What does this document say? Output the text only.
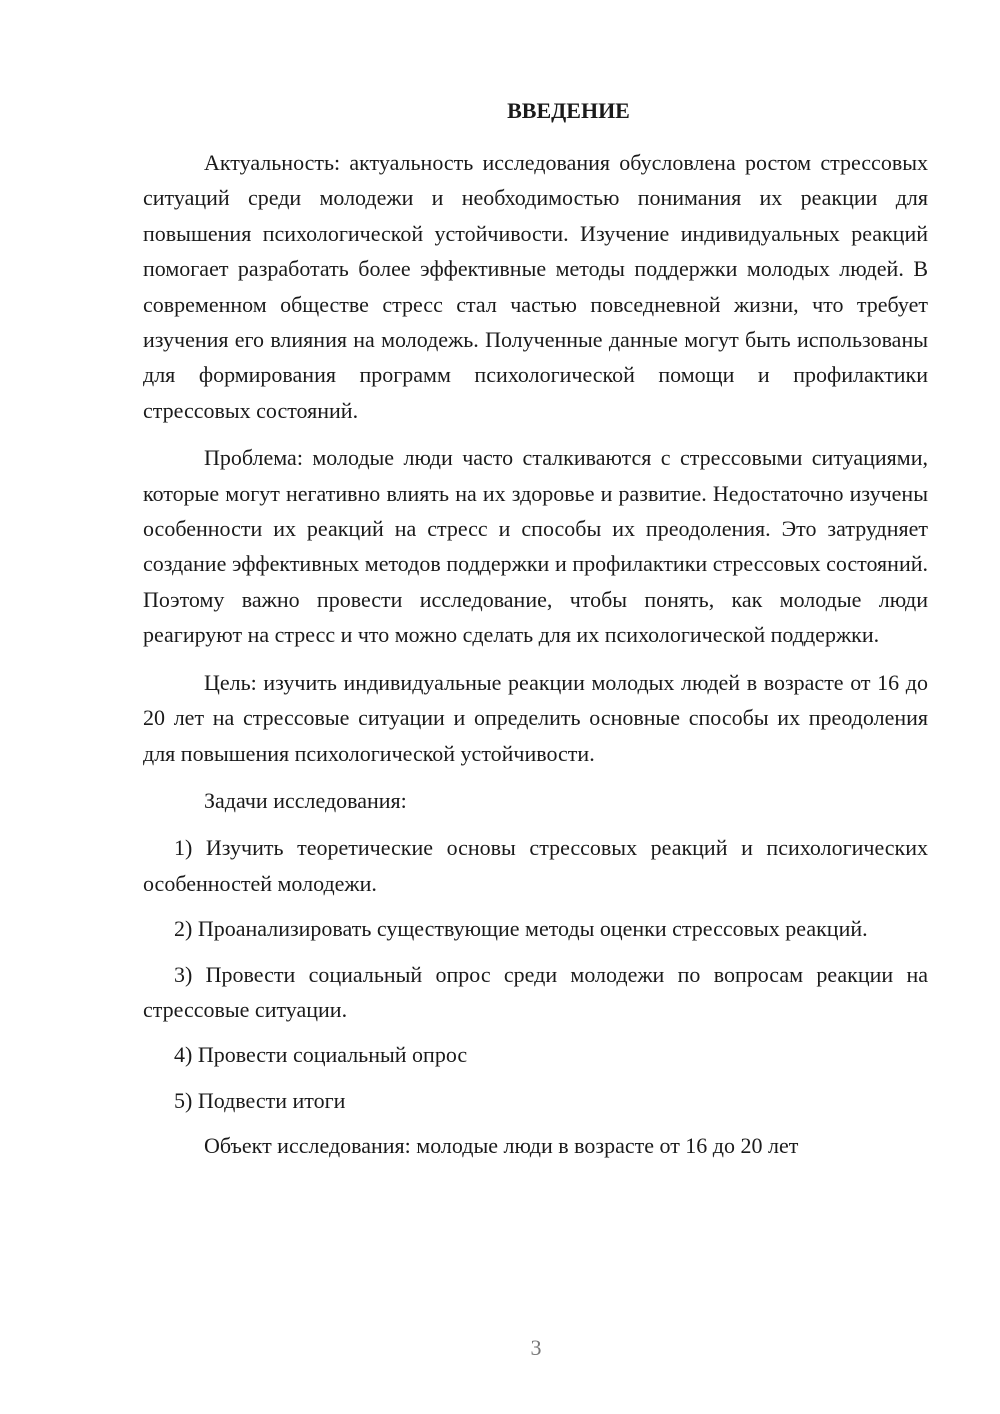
ВВЕДЕНИЕ

Актуальность: актуальность исследования обусловлена ростом стрессовых ситуаций среди молодежи и необходимостью понимания их реакции для повышения психологической устойчивости. Изучение индивидуальных реакций помогает разработать более эффективные методы поддержки молодых людей. В современном обществе стресс стал частью повседневной жизни, что требует изучения его влияния на молодежь. Полученные данные могут быть использованы для формирования программ психологической помощи и профилактики стрессовых состояний.

Проблема: молодые люди часто сталкиваются с стрессовыми ситуациями, которые могут негативно влиять на их здоровье и развитие. Недостаточно изучены особенности их реакций на стресс и способы их преодоления. Это затрудняет создание эффективных методов поддержки и профилактики стрессовых состояний. Поэтому важно провести исследование, чтобы понять, как молодые люди реагируют на стресс и что можно сделать для их психологической поддержки.

Цель: изучить индивидуальные реакции молодых людей в возрасте от 16 до 20 лет на стрессовые ситуации и определить основные способы их преодоления для повышения психологической устойчивости.

Задачи исследования:

1) Изучить теоретические основы стрессовых реакций и психологических особенностей молодежи.

2) Проанализировать существующие методы оценки стрессовых реакций.

3) Провести социальный опрос среди молодежи по вопросам реакции на стрессовые ситуации.

4) Провести социальный опрос

5) Подвести итоги

Объект исследования: молодые люди в возрасте от 16 до 20 лет

3
